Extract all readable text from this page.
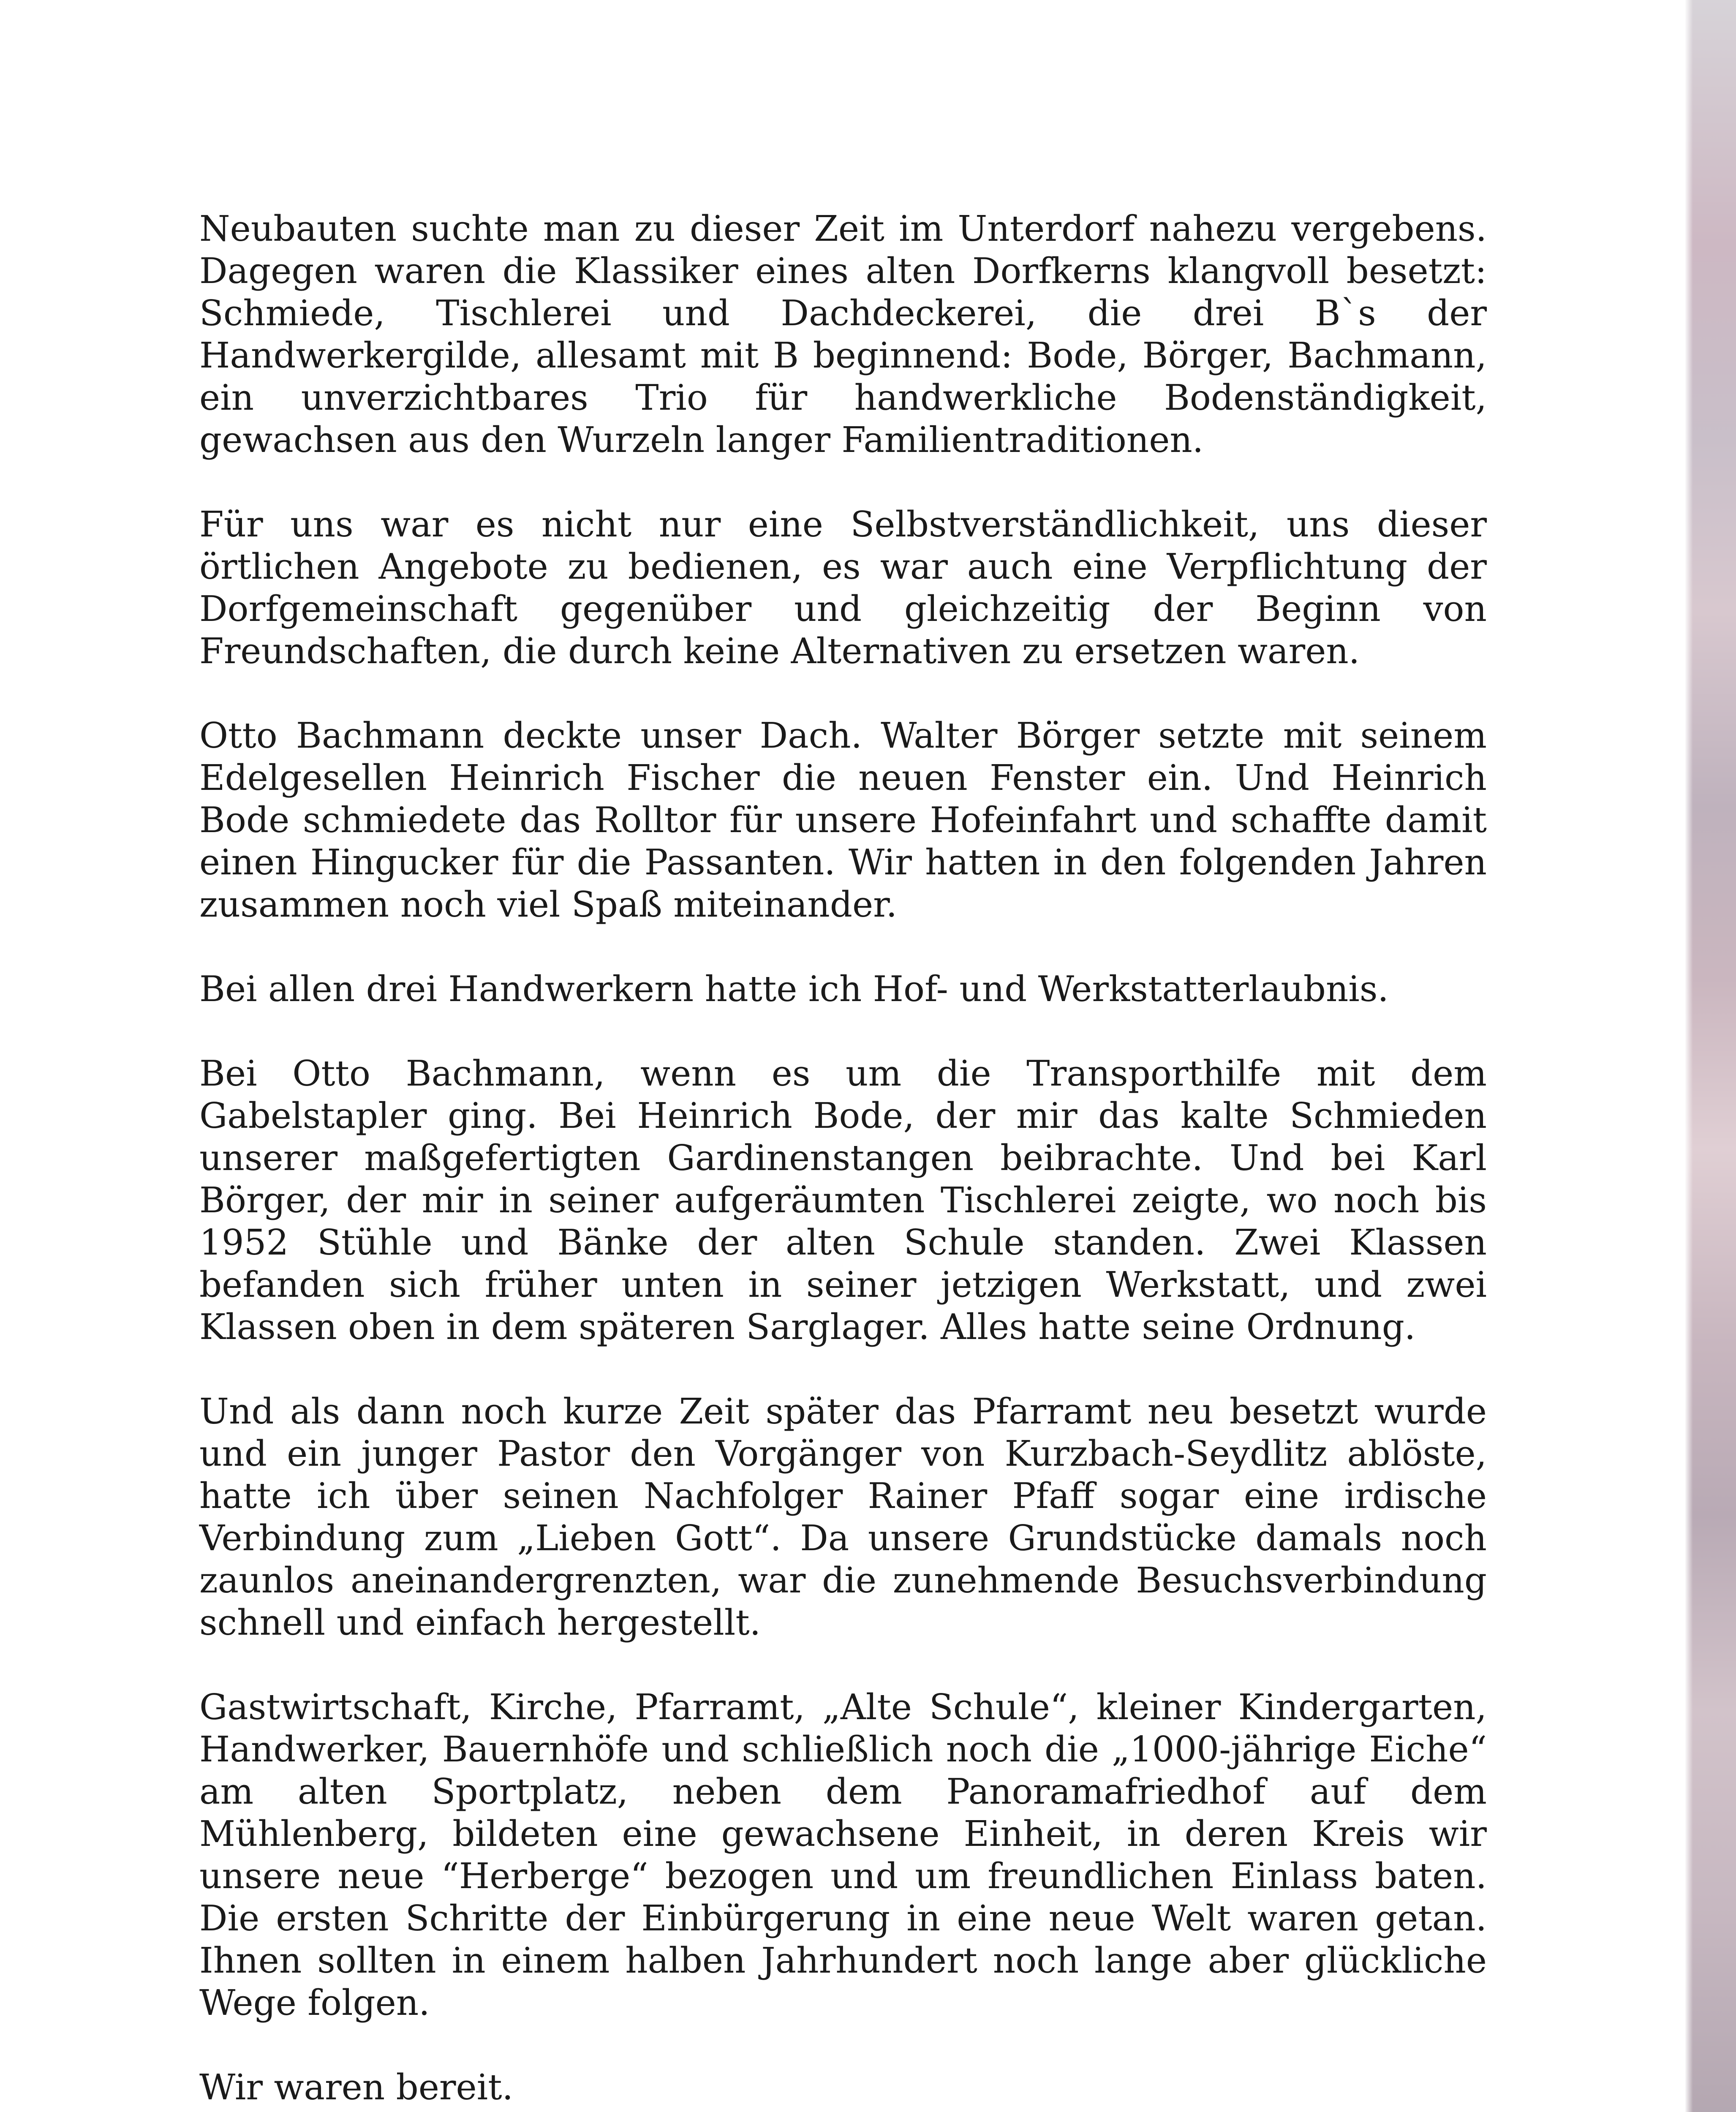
Neubauten suchte man zu dieser Zeit im Unterdorf nahezu vergebens. Dagegen waren die Klassiker eines alten Dorfkerns klangvoll besetzt: Schmiede, Tischlerei und Dachdeckerei, die drei B`s der Handwerkergilde, allesamt mit B beginnend: Bode, Börger, Bachmann, ein unverzichtbares Trio für handwerkliche Bodenständigkeit, gewachsen aus den Wurzeln langer Familientraditionen.

Für uns war es nicht nur eine Selbstverständlichkeit, uns dieser örtlichen Angebote zu bedienen, es war auch eine Verpflichtung der Dorfgemeinschaft gegenüber und gleichzeitig der Beginn von Freundschaften, die durch keine Alternativen zu ersetzen waren.

Otto Bachmann deckte unser Dach. Walter Börger setzte mit seinem Edelgesellen Heinrich Fischer die neuen Fenster ein. Und Heinrich Bode schmiedete das Rolltor für unsere Hofeinfahrt und schaffte damit einen Hingucker für die Passanten. Wir hatten in den folgenden Jahren zusammen noch viel Spaß miteinander.

Bei allen drei Handwerkern hatte ich Hof- und Werkstatterlaubnis.

Bei Otto Bachmann, wenn es um die Transporthilfe mit dem Gabelstapler ging. Bei Heinrich Bode, der mir das kalte Schmieden unserer maßgefertigten Gardinenstangen beibrachte. Und bei Karl Börger, der mir in seiner aufgeräumten Tischlerei zeigte, wo noch bis 1952 Stühle und Bänke der alten Schule standen. Zwei Klassen befanden sich früher unten in seiner jetzigen Werkstatt, und zwei Klassen oben in dem späteren Sarglager. Alles hatte seine Ordnung.

Und als dann noch kurze Zeit später das Pfarramt neu besetzt wurde und ein junger Pastor den Vorgänger von Kurzbach-Seydlitz ablöste, hatte ich über seinen Nachfolger Rainer Pfaff sogar eine irdische Verbindung zum „Lieben Gott“. Da unsere Grundstücke damals noch zaunlos aneinandergrenzten, war die zunehmende Besuchsverbindung schnell und einfach hergestellt.

Gastwirtschaft, Kirche, Pfarramt, „Alte Schule“, kleiner Kindergarten, Handwerker, Bauernhöfe und schließlich noch die „1000-jährige Eiche“ am alten Sportplatz, neben dem Panoramafriedhof auf dem Mühlenberg, bildeten eine gewachsene Einheit, in deren Kreis wir unsere neue “Herberge“ bezogen und um freundlichen Einlass baten. Die ersten Schritte der Einbürgerung in eine neue Welt waren getan. Ihnen sollten in einem halben Jahrhundert noch lange aber glückliche Wege folgen.

Wir waren bereit.
